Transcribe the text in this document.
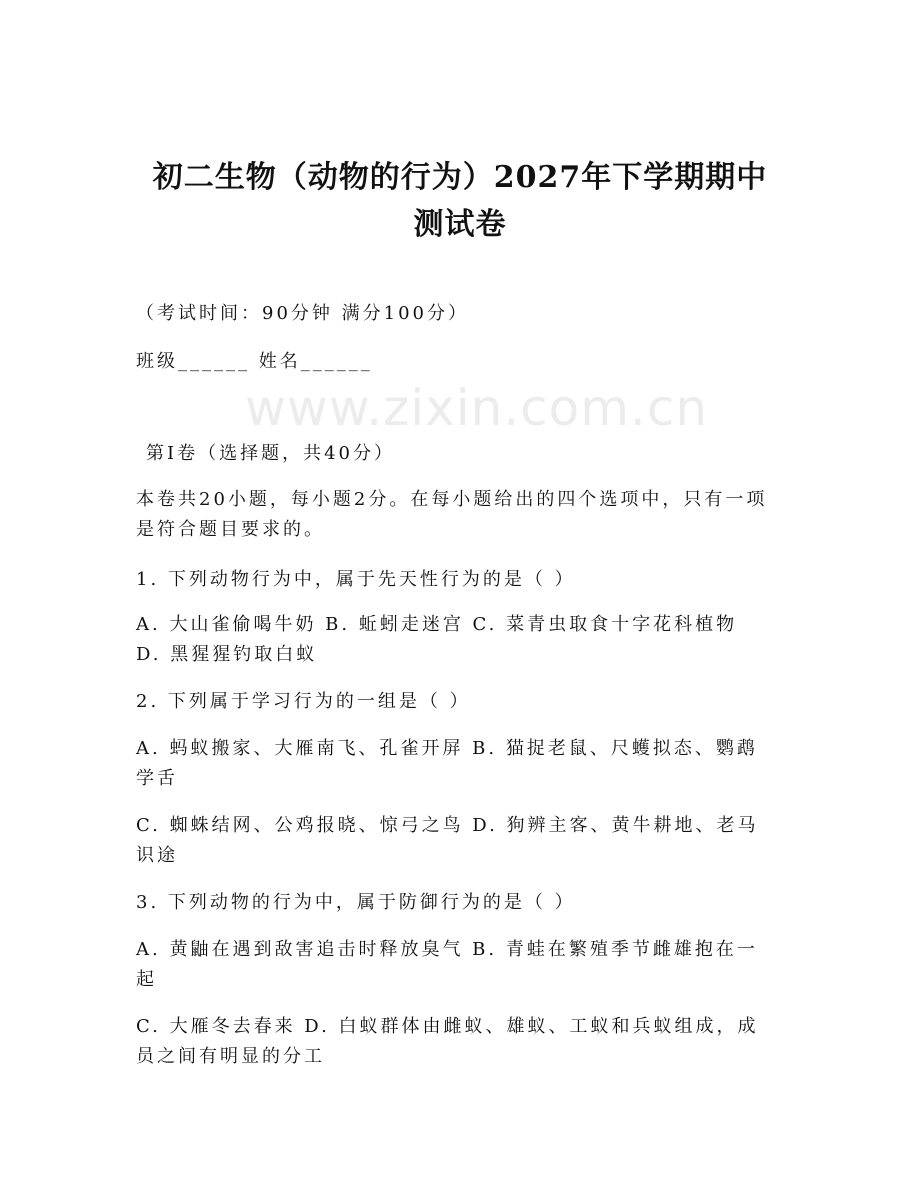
www.zixin.com.cn
初二生物（动物的行为）2027年下学期期中
测试卷
（考试时间：90分钟 满分100分）
班级______ 姓名______
第Ⅰ卷（选择题，共40分）
本卷共20小题，每小题2分。在每小题给出的四个选项中，只有一项
是符合题目要求的。
1. 下列动物行为中，属于先天性行为的是（ ）
A. 大山雀偷喝牛奶 B. 蚯蚓走迷宫 C. 菜青虫取食十字花科植物
D. 黑猩猩钓取白蚁
2. 下列属于学习行为的一组是（ ）
A. 蚂蚁搬家、大雁南飞、孔雀开屏 B. 猫捉老鼠、尺蠖拟态、鹦鹉
学舌
C. 蜘蛛结网、公鸡报晓、惊弓之鸟 D. 狗辨主客、黄牛耕地、老马
识途
3. 下列动物的行为中，属于防御行为的是（ ）
A. 黄鼬在遇到敌害追击时释放臭气 B. 青蛙在繁殖季节雌雄抱在一
起
C. 大雁冬去春来 D. 白蚁群体由雌蚁、雄蚁、工蚁和兵蚁组成，成
员之间有明显的分工
